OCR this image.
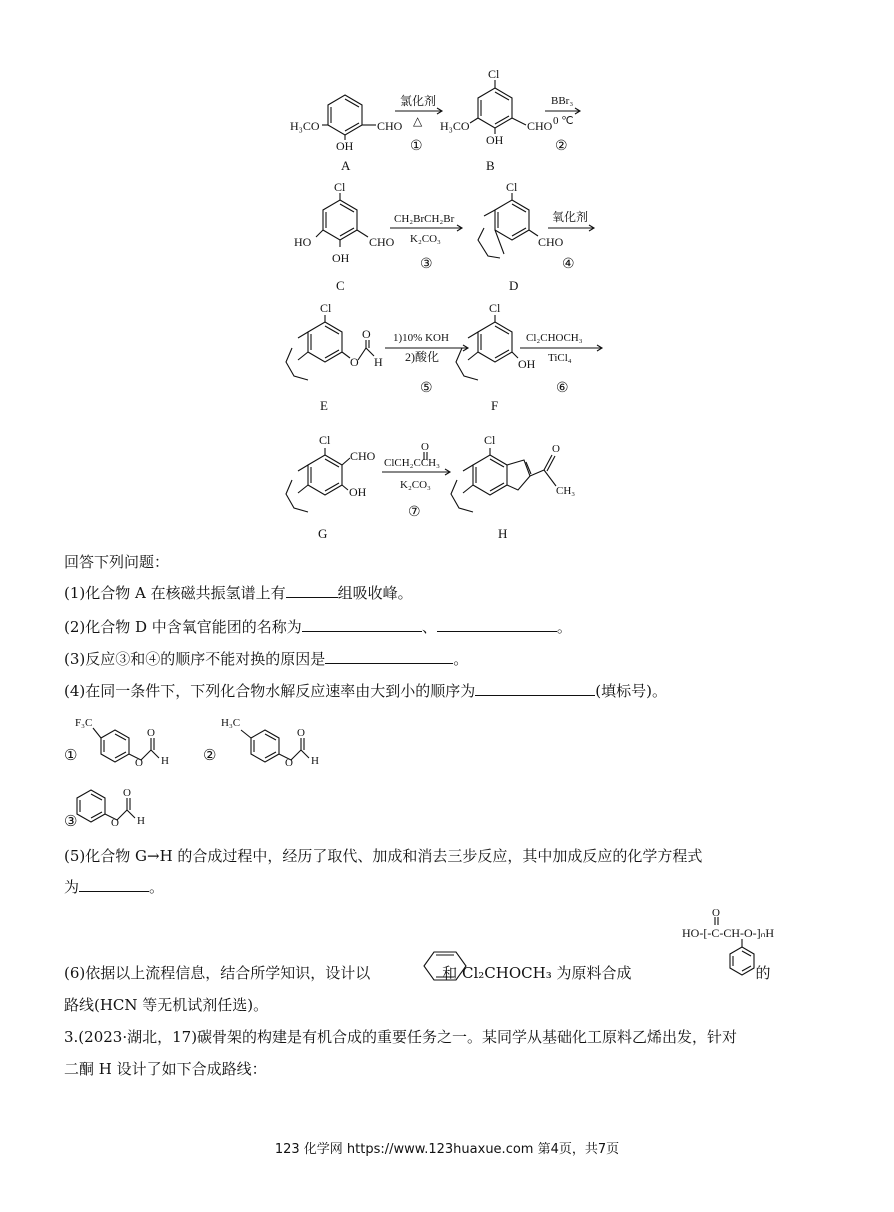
H₃CO	CHO
OH
A
氯化剂
△
①
Cl
H₃CO	CHO
OH
B
BBr₃
0 ℃
②
Cl
HO	CHO
OH
C
CH₂BrCH₂Br
K₂CO₃
③
Cl
CHO
D
氧化剂
④
Cl
O
O
H
E
1)10% KOH
2)酸化
⑤
Cl
OH
F
Cl₂CHOCH₃
TiCl₄
⑥
Cl
CHO
OH
G
O
ClCH₂CCH₃
K₂CO₃
⑦
Cl
O
CH₃
H
回答下列问题：
(1)化合物 A 在核磁共振氢谱上有	组吸收峰。
(2)化合物 D 中含氧官能团的名称为	、	。
(3)反应③和④的顺序不能对换的原因是	。
(4)在同一条件下，下列化合物水解反应速率由大到小的顺序为	(填标号)。
F₃C
O
O H
H₃C
O
O H
O
O H
①	②
③
(5)化合物 G→H 的合成过程中，经历了取代、加成和消去三步反应，其中加成反应的化学方程式
为	。
(6)依据以上流程信息，结合所学知识，设计以	和 Cl₂CHOCH₃ 为原料合成	的
O
HO-[-C-CH-O-]ₙH
路线(HCN 等无机试剂任选)。
3.(2023·湖北，17)碳骨架的构建是有机合成的重要任务之一。某同学从基础化工原料乙烯出发，针对
二酮 H 设计了如下合成路线：
123 化学网 https://www.123huaxue.com 第4页，共7页
